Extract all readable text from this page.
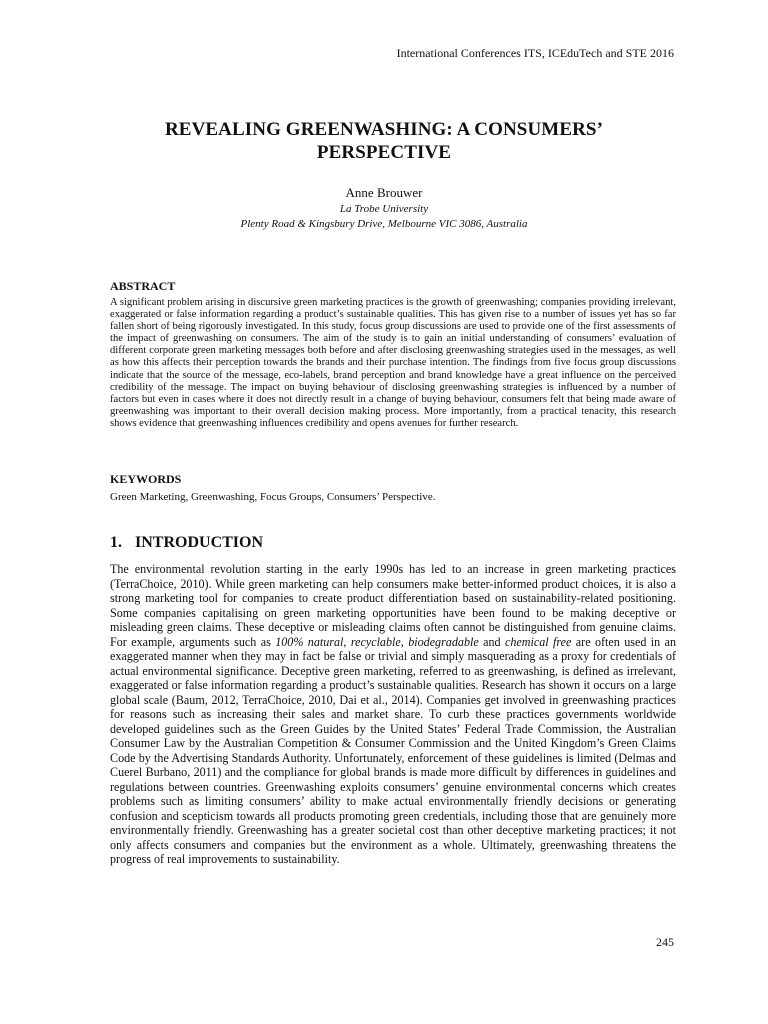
International Conferences ITS, ICEduTech and STE 2016
REVEALING GREENWASHING: A CONSUMERS’
PERSPECTIVE
Anne Brouwer
La Trobe University
Plenty Road & Kingsbury Drive, Melbourne VIC 3086, Australia
ABSTRACT
A significant problem arising in discursive green marketing practices is the growth of greenwashing; companies providing irrelevant, exaggerated or false information regarding a product’s sustainable qualities. This has given rise to a number of issues yet has so far fallen short of being rigorously investigated. In this study, focus group discussions are used to provide one of the first assessments of the impact of greenwashing on consumers. The aim of the study is to gain an initial understanding of consumers’ evaluation of different corporate green marketing messages both before and after disclosing greenwashing strategies used in the messages, as well as how this affects their perception towards the brands and their purchase intention. The findings from five focus group discussions indicate that the source of the message, eco-labels, brand perception and brand knowledge have a great influence on the perceived credibility of the message. The impact on buying behaviour of disclosing greenwashing strategies is influenced by a number of factors but even in cases where it does not directly result in a change of buying behaviour, consumers felt that being made aware of greenwashing was important to their overall decision making process. More importantly, from a practical tenacity, this research shows evidence that greenwashing influences credibility and opens avenues for further research.
KEYWORDS
Green Marketing, Greenwashing, Focus Groups, Consumers’ Perspective.
1. INTRODUCTION
The environmental revolution starting in the early 1990s has led to an increase in green marketing practices (TerraChoice, 2010). While green marketing can help consumers make better-informed product choices, it is also a strong marketing tool for companies to create product differentiation based on sustainability-related positioning. Some companies capitalising on green marketing opportunities have been found to be making deceptive or misleading green claims. These deceptive or misleading claims often cannot be distinguished from genuine claims. For example, arguments such as 100% natural, recyclable, biodegradable and chemical free are often used in an exaggerated manner when they may in fact be false or trivial and simply masquerading as a proxy for credentials of actual environmental significance. Deceptive green marketing, referred to as greenwashing, is defined as irrelevant, exaggerated or false information regarding a product’s sustainable qualities. Research has shown it occurs on a large global scale (Baum, 2012, TerraChoice, 2010, Dai et al., 2014). Companies get involved in greenwashing practices for reasons such as increasing their sales and market share. To curb these practices governments worldwide developed guidelines such as the Green Guides by the United States’ Federal Trade Commission, the Australian Consumer Law by the Australian Competition & Consumer Commission and the United Kingdom’s Green Claims Code by the Advertising Standards Authority. Unfortunately, enforcement of these guidelines is limited (Delmas and Cuerel Burbano, 2011) and the compliance for global brands is made more difficult by differences in guidelines and regulations between countries. Greenwashing exploits consumers’ genuine environmental concerns which creates problems such as limiting consumers’ ability to make actual environmentally friendly decisions or generating confusion and scepticism towards all products promoting green credentials, including those that are genuinely more environmentally friendly. Greenwashing has a greater societal cost than other deceptive marketing practices; it not only affects consumers and companies but the environment as a whole. Ultimately, greenwashing threatens the progress of real improvements to sustainability.
245
